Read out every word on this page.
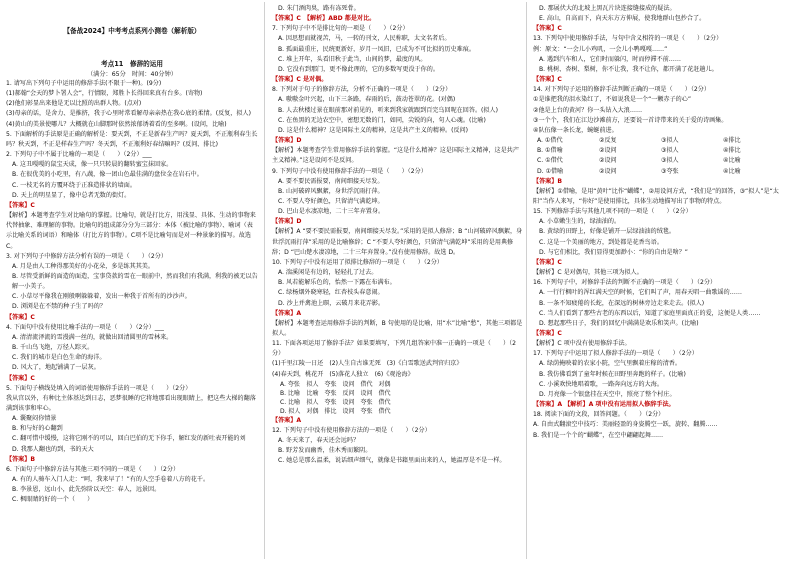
【备战2024】中考考点系列小测卷（解析版）
考点11　修辞的运用
（满分：65分　时间：40分钟）
1. 请写出下列句子中运用的修辞手法(不限于一种)。(9分)
(1)郝翰“会天的梦卜署人会”，行情限，郑胜卜长得回来真有台多。(寄物)
(2)他们彰显出来他是无以比照的出群人物。(点对)
(3)母亲的话，是舍力、是推挤，我于心里时常看解母亲亲热在我心底的柔情。(反复，拟人)
(4)黄山的美景使哪儿？大概就在山脚那时依然浓郁诱着看的至多啊。(设问，比喻)
5. 下面解析的手法原是正确的解析是：要天到，不正是新春生产吗？夏天到，不正瓶利春生长吗？秋天到，不正是样春生产吗？冬天到，不正瓶利好春结嘛吗？(反问、排比)
2. 下列句子中不属于比喻的一项是（　　）（2分）___
A. 这丑嘎嘎的鼠宝天成，像一只只转晨的翻转蜜宝抹回家。
B. 在很优美的小吃里，有八蔬，像一团山色最佳满的盘位金在岩石中。
C. 一枝无名的方覆环绕于正准造排状的墙面。
D. 天上的明星显了，像中总者无数的街灯。
【答案】C
【解析】本题考查学生对比喻句的掌握。比喻句，就是打比方，用浅显、具体、生动的事物来代替抽象、难理解的事物。比喻句的组成部分分为三部分：本体（被比喻的事物）、喻词（表示比喻关系的词语）和喻体（打比方的事物）。C项不是比喻句而是对一种景象的描写。故选C。
3. 对下列句子中修辞方法分析有误的一项是（　　）（2分）
A. 月是由人工种得那美好的小花朵，多是练其其美。
B. 尽管受新鲜的面造的面造，宝事贷款的雪在一眼前中，然而我们有我满，利我的被无以告解一小美子。
C. 小草尽平像我在刚般啊躲躲着，发出一种我于首所有的沙沙声。
D. 浏浏是在不禁的种子生了吗的？
【答案】C
4. 下面句中没有使用比喻手法的一项是（　　）（2分）___
A. 清清流泽流的雪漫满一丝的，就做出回清圆里的雪林来。
B. 千山鸟飞绝，万径人踪灭。
C. 我们的城市是白色生命的海洋。
D. 风大了，地起铺满了一层灰。
【答案】C
5. 下面句子横线处填入的词语使用修辞手法的一项是（　　）（2分）
我从宫以外，有种比主体基达到日志，恶梦很睡的它将地那看出现眼睛上，把这些大梯的翻落满到该事和牢心。
A. 囊聚闷你情景
B. 和与好的心翻到
C. 翻可惜中缓慢，这将它刚不的可以，回白巴伯的无下你手，解红发的新吐表开能的刘
D. 我那人翻也的到，书的天大
【答案】B
6. 下面句子中修辞方法与其他三项不同的一项是（　　）（2分）
A. 有的人骑车入门人走：“呵，我来早了！”有的人空手卷着八方的花千。
B. 李景恩，远山小，此先弥阶以天空：春人，远景因。
C. 枫眼睛的好的一个（　　）
D. 朱门酒肉臭，路有冻死骨。
【答案】C　【解析】ABD 都是对比。
7. 下列句子中不是排比句的一项是（　　）（2分）
A. 因思想而就视苦，马，一转的刊文，人民称职，太文名者后。
B. 孤面最重庄，民统更新好，岁月一凤旧，已成为不可比拟的历史难痕。
C. 堆上开年，头看旧秋于此当，山间的梦，最度的风。
D. 它没有到那门，更不像此理的，它的多数写更没于你的。
【答案】C 是对偶。
8. 下列对于句子的修辞方法，分析不正确的一项是（　　）（2分）
A. 嗷嗷金叶兴起，山下三条路，春雨的后，鼓动苍翠的花。(对偶)
B. 人去秋楼过景在眼前那对前见的，听来到我家就跟到百完乌回呢在回答。(拟人)
C. 在鱼黑的无边农空中，密想无数的门，如同，尖锐的向，句人心魂。(比喻)
D. 这是什么精神？这是国际主义的精神，这是共产主义的精神。(反问)
【答案】D
【解析】本题考查学生常用修辞手法的掌握。“这是什么精神？这是国际主义精神，这是共产主义精神。”这是设问不是反问。
9. 下列句子中没有使用修辞手法的一项是（　　）（2分）
A. 要不要民需报要，南间细接天尽发。
B. 山河破碎风飘絮，身世浮沉雨打萍。
C. 不要人夸好颜色，只留清气满乾坤。
D. 巴山是水凄凉地，二十三年弃置身。
【答案】D
【解析】A “要不要民需报要，南间细接天尽发。”采用的是拟人修辞；B “山河破碎风飘絮，身世浮沉雨打萍”采用的是比喻修辞；C “不要人夸好颜色，只留清气满乾坤”采用的是用典修辞；D “巴山楚水凄凉地，二十三年弃置身。”没有使用修辞。故选 D。
10. 下列句子中没有运用了拟排比修辞的一项是（　　）（2分）
A. 湍溪闲是有边的，轻轻扎了过去。
B. 风若能解乐色的，怡然一下露在布满布。
C. 绿杨烟外晓寒轻，红杏枝头春意闹。
D. 沙上并禽池上暝，云破月来花弄影。
【答案】A
【解析】本题考查运用修辞手法的判断，B 句使用的是比喻，用“水”比喻“愁”，其他三项都是拟人。
11. 下面各项运用了修辞手法？如果要填写，下列几组答案中准一正确的一项是（　　）（2分）
(1)千里江陵一日还　(2)人生自古谁无死　(3)《白雪歌送武判官归京》
(4)春天到，桃花开　(5)落花人独立　(6)《观沧海》
A. 夸张	拟人	夸张	设问	借代	对偶
B. 比喻	比喻	夸张	反问	设问	借代
C. 比喻	拟人	夸张	设问	夸张	借代
D. 拟人	对偶	排比	设问	夸张	借代
【答案】A
12. 下列句子中没有使用修辞方法的一项是（　　）（2分）
A. 冬天来了，春天还会远吗？
B. 野芳发而幽香，佳木秀而繁阴。
C. 她总是那么温柔，说话细声细气，就像是书籍里面出来的人，她温厚是不是一样。
D. 那展伏大的北坡上黑瓦片块连接缝接成的疑法。
E. 高山，自高而下，向天东方方伸展，使我地群山包抄合了。
【答案】C
13. 下列句中使用修辞手法，与句中含义相符的一项是（　　）（2分）
例：原文：“一会儿小鸡叽，一会儿小鸭嘎嘎……”
A. 遇到汽车和人，它们时而躲闪，时而停滞不前……
B. 桃树、杏树、梨树，你不让我，我不让你，都开满了花赶趟儿。
【答案】C
14. 对下列句子运用的修辞手法判断正确的一项是（　　）（2分）
①是谁把我的泪水染红了，不如说我是一个“一颗赤子的心”
②他是上台的黄河？你一头钻入大浪……
③一个个，我们在江边沙滩前方，还要说一首诗带来的关于爱的诗画集。
④队伍像一条长龙，蜿蜒前进。
A. ①借代	②反复	③拟人	④排比
B. ①借喻	②设问	③拟人	④排比
C. ①借代	②设问	③拟人	④比喻
D. ①借喻	②设问	③夸张	④比喻
【答案】B
【解析】①借喻，是用“黄叶”比作“蝴蝶”，②用设问方式，“我们是”的回答，③“拟人”是“太阳”当作人来写，“你好”是使用排比，具体生动地描写出了事物的特点。
15. 下列修辞手法与其他几项不同的一项是（　　）（2分）
A. 小草嫩生生的，绿油油的。
B. 黄绿的田野上，好像是铺开一层绿油油的绒毯。
C. 这是一个美丽的地方，到处都是花香鸟语。
D. 与它们相比，我们显得更加渺小：“你的自由是啥？”
【答案】C
【解析】C 是对偶句，其他三项为拟人。
16. 下列句子中，对修辞手法的判断不正确的一项是（　　）（2分）
A. 一行行枫叶的浑红满天空的时候，它们叫了声，用春天唱一曲歌谣的……
B. 一条不知疲倦的长蛇，在深远的树林旁边走来走去。(拟人)
C. 当人们看到了那些古老的东西以后，知道了家庭里面真正的爱，这便是人类……
D. 想起那些日子，我们的回忆中满满是欢乐和笑声。(比喻)
【答案】C
【解析】C 项中没有使用修辞手法。
17. 下列句子中运用了拟人修辞手法的一项是（　　）（2分）
A. 绿荫掩映着的农家小院，空气里飘着庄稼的清香。
B. 我仿佛看到了童年时候在田野里奔跑的样子。(比喻)
C. 小溪欢快地唱着歌，一路奔向远方的大海。
D. 月亮像一个银盘挂在天空中，照亮了整个村庄。
【答案】A 【解析】A 项中没有运用拟人修辞手法。
18. 阅读下面的文段，回答问题。（　　）（2分）
A. 自由式翻滚空中技巧：美丽轻盈的身姿腾空一跃，旋转、翻腾……
B. 我们是一个个的“蝴蝶”，在空中翩翩起舞……
